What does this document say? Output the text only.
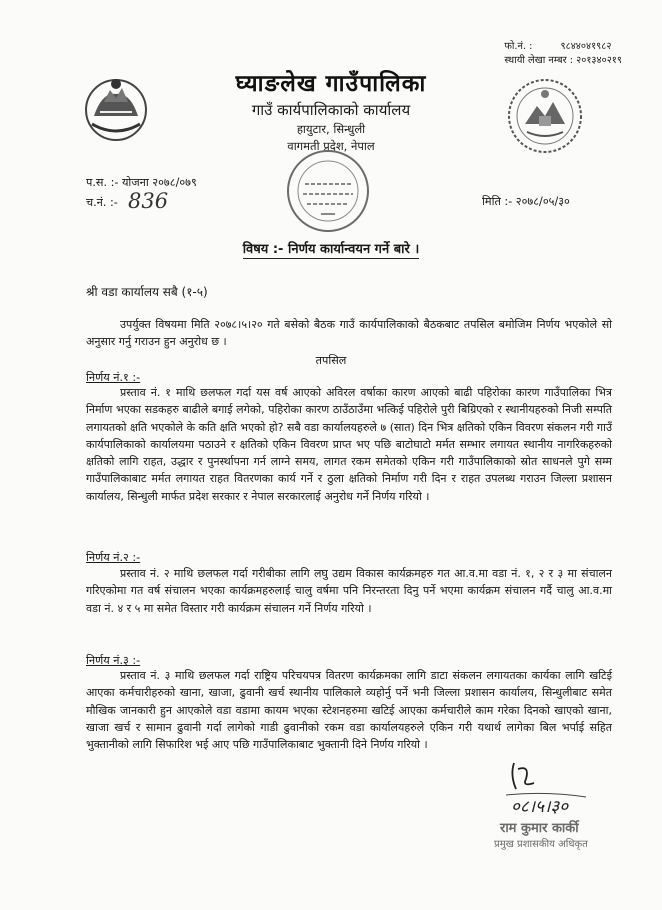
फो.नं. :	९८४४०४१९८२
स्थायी लेखा नम्बर : २०१३४०२१९
घ्याङलेख गाउँपालिका
गाउँ कार्यपालिकाको कार्यालय
हायुटार, सिन्धुली
वागमती प्रदेश, नेपाल
प.स. :- योजना २०७८/०७९
च.नं. :- 836	मिति :- २०७८/०५/३०
विषय :- निर्णय कार्यान्वयन गर्ने बारे ।
श्री वडा कार्यालय सबै (१-५)

उपर्युक्त विषयमा मिति २०७८।५।२० गते बसेको बैठक गाउँ कार्यपालिकाको बैठकबाट तपसिल बमोजिम निर्णय भएकोले सो अनुसार गर्नु गराउन हुन अनुरोध छ ।

तपसिल
निर्णय नं.१ :-

प्रस्ताव नं. १ माथि छलफल गर्दा यस वर्ष आएको अविरल वर्षाका कारण आएको बाढी पहिरोका कारण गाउँपालिका भित्र निर्माण भएका सडकहरु बाढीले बगाई लगेको, पहिरोका कारण ठाउँठाउँमा भत्किई पहिरोले पुरी बिग्रिएको र स्थानीयहरुको निजी सम्पति लगायतको क्षति भएकोले के कति क्षति भएको हो? सबै वडा कार्यालयहरुले ७ (सात) दिन भित्र क्षतिको एकिन विवरण संकलन गरी गाउँ कार्यपालिकाको कार्यालयमा पठाउने र क्षतिको एकिन विवरण प्राप्त भए पछि बाटोघाटो मर्मत सम्भार लगायत स्थानीय नागरिकहरुको क्षतिको लागि राहत, उद्धार र पुनर्स्थापना गर्न लाग्ने समय, लागत रकम समेतको एकिन गरी गाउँपालिकाको स्रोत साधनले पुगे सम्म गाउँपालिकाबाट मर्मत लगायत राहत वितरणका कार्य गर्ने र ठुला क्षतिको निर्माण गरी दिन र राहत उपलब्ध गराउन जिल्ला प्रशासन कार्यालय, सिन्धुली मार्फत प्रदेश सरकार र नेपाल सरकारलाई अनुरोध गर्ने निर्णय गरियो ।

निर्णय नं.२ :-

प्रस्ताव नं. २ माथि छलफल गर्दा गरीबीका लागि लघु उद्यम विकास कार्यक्रमहरु गत आ.व.मा वडा नं. १, २ र ३ मा संचालन गरिएकोमा गत वर्ष संचालन भएका कार्यक्रमहरुलाई चालु वर्षमा पनि निरन्तरता दिनु पर्ने भएमा कार्यक्रम संचालन गर्दै चालु आ.व.मा वडा नं. ४ र ५ मा समेत विस्तार गरी कार्यक्रम संचालन गर्ने निर्णय गरियो ।

निर्णय नं.३ :-

प्रस्ताव नं. ३ माथि छलफल गर्दा राष्ट्रिय परिचयपत्र वितरण कार्यक्रमका लागि डाटा संकलन लगायतका कार्यका लागि खटिई आएका कर्मचारीहरुको खाना, खाजा, ढुवानी खर्च स्थानीय पालिकाले व्यहोर्नु पर्ने भनी जिल्ला प्रशासन कार्यालय, सिन्धुलीबाट समेत मौखिक जानकारी हुन आएकोले वडा वडामा कायम भएका स्टेशनहरुमा खटिई आएका कर्मचारीले काम गरेका दिनको खाएको खाना, खाजा खर्च र सामान ढुवानी गर्दा लागेको गाडी ढुवानीको रकम वडा कार्यालयहरुले एकिन गरी यथार्थ लागेका बिल भर्पाई सहित भुक्तानीको लागि सिफारिश भई आए पछि गाउँपालिकाबाट भुक्तानी दिने निर्णय गरियो ।

०८।५।३०
राम कुमार कार्की
प्रमुख प्रशासकीय अधिकृत
